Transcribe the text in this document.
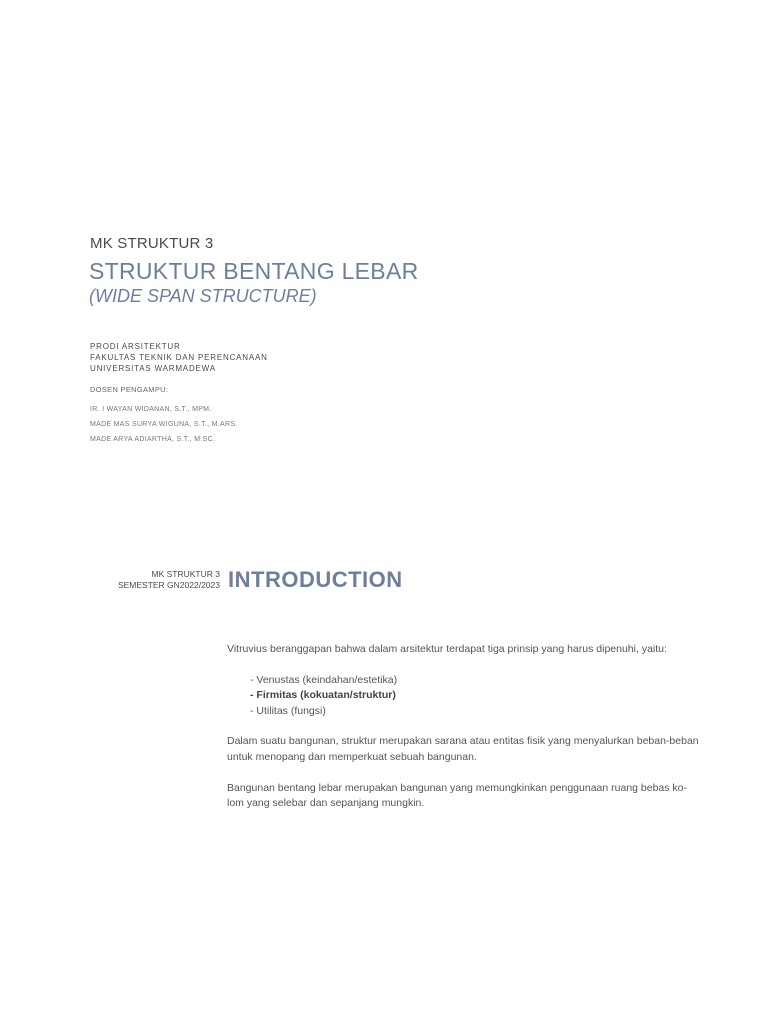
MK STRUKTUR 3
STRUKTUR BENTANG LEBAR
(WIDE SPAN STRUCTURE)
PRODI ARSITEKTUR
FAKULTAS TEKNIK DAN PERENCANAAN
UNIVERSITAS WARMADEWA
DOSEN PENGAMPU:
IR. I WAYAN WIDANAN, S.T., MPM.
MADE MAS SURYA WIGUNA, S.T., M.ARS.
MADE ARYA ADIARTHA, S.T., M.SC.
MK STRUKTUR 3
SEMESTER GN2022/2023 INTRODUCTION

Vitruvius beranggapan bahwa dalam arsitektur terdapat tiga prinsip yang harus dipenuhi, yaitu:

- Venustas (keindahan/estetika)
- Firmitas (kokuatan/struktur)
- Utilitas (fungsi)

Dalam suatu bangunan, struktur merupakan sarana atau entitas fisik yang menyalurkan beban-beban
untuk menopang dan memperkuat sebuah bangunan.

Bangunan bentang lebar merupakan bangunan yang memungkinkan penggunaan ruang bebas ko-
lom yang selebar dan sepanjang mungkin.
